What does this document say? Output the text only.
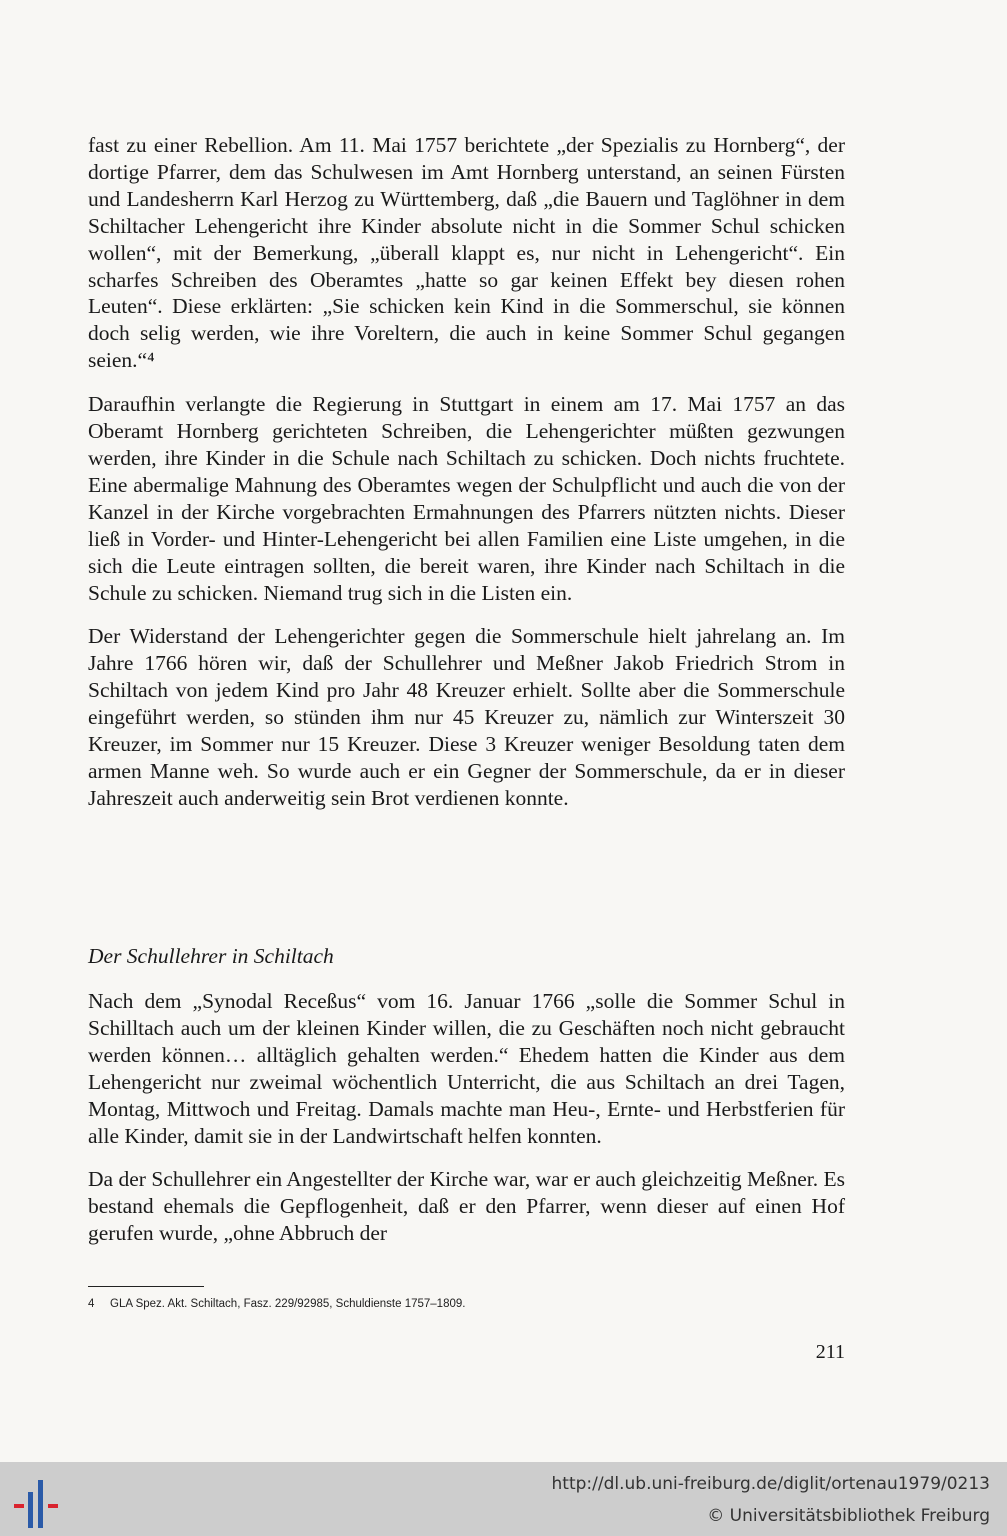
fast zu einer Rebellion. Am 11. Mai 1757 berichtete „der Spezialis zu Hornberg“, der dortige Pfarrer, dem das Schulwesen im Amt Hornberg unterstand, an seinen Fürsten und Landesherrn Karl Herzog zu Württemberg, daß „die Bauern und Taglöhner in dem Schiltacher Lehengericht ihre Kinder absolute nicht in die Sommer Schul schicken wollen“, mit der Bemerkung, „überall klappt es, nur nicht in Lehengericht“. Ein scharfes Schreiben des Oberamtes „hatte so gar keinen Effekt bey diesen rohen Leuten“. Diese erklärten: „Sie schicken kein Kind in die Sommerschul, sie können doch selig werden, wie ihre Voreltern, die auch in keine Sommer Schul gegangen seien.“⁴

Daraufhin verlangte die Regierung in Stuttgart in einem am 17. Mai 1757 an das Oberamt Hornberg gerichteten Schreiben, die Lehengerichter müßten gezwungen werden, ihre Kinder in die Schule nach Schiltach zu schicken. Doch nichts fruchtete. Eine abermalige Mahnung des Oberamtes wegen der Schulpflicht und auch die von der Kanzel in der Kirche vorgebrachten Ermahnungen des Pfarrers nützten nichts. Dieser ließ in Vorder- und Hinter-Lehengericht bei allen Familien eine Liste umgehen, in die sich die Leute eintragen sollten, die bereit waren, ihre Kinder nach Schiltach in die Schule zu schicken. Niemand trug sich in die Listen ein.

Der Widerstand der Lehengerichter gegen die Sommerschule hielt jahrelang an. Im Jahre 1766 hören wir, daß der Schullehrer und Meßner Jakob Friedrich Strom in Schiltach von jedem Kind pro Jahr 48 Kreuzer erhielt. Sollte aber die Sommerschule eingeführt werden, so stünden ihm nur 45 Kreuzer zu, nämlich zur Winterszeit 30 Kreuzer, im Sommer nur 15 Kreuzer. Diese 3 Kreuzer weniger Besoldung taten dem armen Manne weh. So wurde auch er ein Gegner der Sommerschule, da er in dieser Jahreszeit auch anderweitig sein Brot verdienen konnte.

Der Schullehrer in Schiltach

Nach dem „Synodal Receßus“ vom 16. Januar 1766 „solle die Sommer Schul in Schilltach auch um der kleinen Kinder willen, die zu Geschäften noch nicht gebraucht werden können… alltäglich gehalten werden.“ Ehedem hatten die Kinder aus dem Lehengericht nur zweimal wöchentlich Unterricht, die aus Schiltach an drei Tagen, Montag, Mittwoch und Freitag. Damals machte man Heu-, Ernte- und Herbstferien für alle Kinder, damit sie in der Landwirtschaft helfen konnten.

Da der Schullehrer ein Angestellter der Kirche war, war er auch gleichzeitig Meßner. Es bestand ehemals die Gepflogenheit, daß er den Pfarrer, wenn dieser auf einen Hof gerufen wurde, „ohne Abbruch der

4 GLA Spez. Akt. Schiltach, Fasz. 229/92985, Schuldienste 1757–1809.
211
http://dl.ub.uni-freiburg.de/diglit/ortenau1979/0213
© Universitätsbibliothek Freiburg
